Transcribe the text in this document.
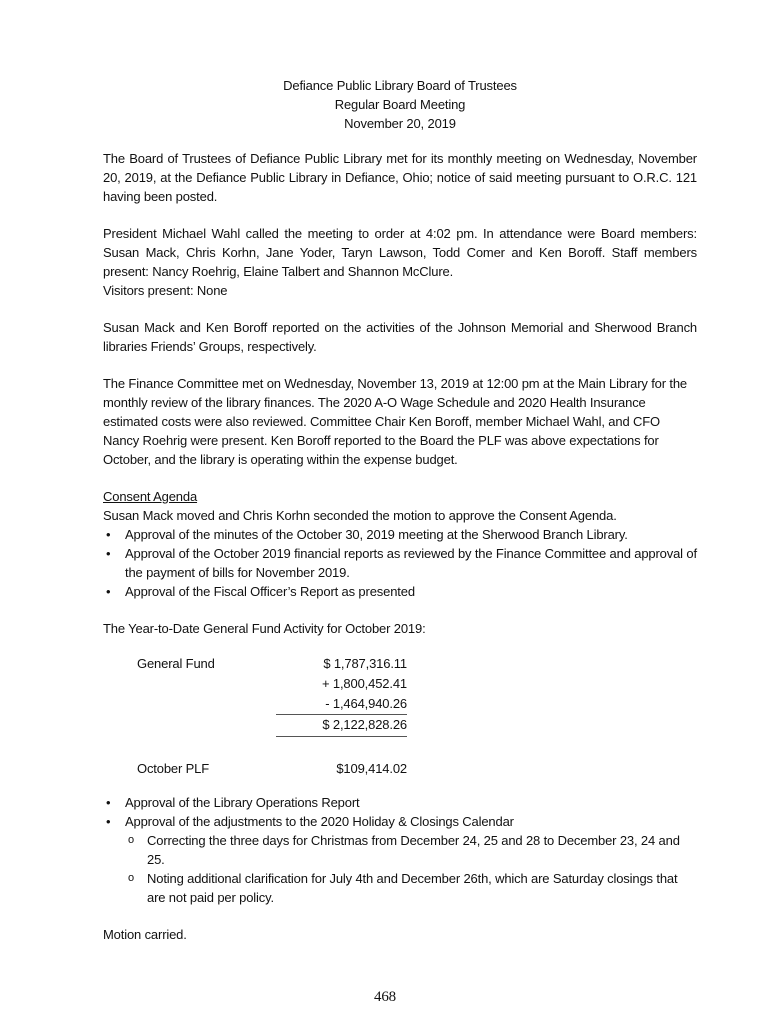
Defiance Public Library Board of Trustees
Regular Board Meeting
November 20, 2019

The Board of Trustees of Defiance Public Library met for its monthly meeting on Wednesday, November 20, 2019, at the Defiance Public Library in Defiance, Ohio; notice of said meeting pursuant to O.R.C. 121 having been posted.

President Michael Wahl called the meeting to order at 4:02 pm. In attendance were Board members: Susan Mack, Chris Korhn, Jane Yoder, Taryn Lawson, Todd Comer and Ken Boroff. Staff members present: Nancy Roehrig, Elaine Talbert and Shannon McClure.
Visitors present: None

Susan Mack and Ken Boroff reported on the activities of the Johnson Memorial and Sherwood Branch libraries Friends’ Groups, respectively.

The Finance Committee met on Wednesday, November 13, 2019 at 12:00 pm at the Main Library for the monthly review of the library finances. The 2020 A-O Wage Schedule and 2020 Health Insurance estimated costs were also reviewed. Committee Chair Ken Boroff, member Michael Wahl, and CFO Nancy Roehrig were present. Ken Boroff reported to the Board the PLF was above expectations for October, and the library is operating within the expense budget.

Consent Agenda
Susan Mack moved and Chris Korhn seconded the motion to approve the Consent Agenda.
• Approval of the minutes of the October 30, 2019 meeting at the Sherwood Branch Library.
• Approval of the October 2019 financial reports as reviewed by the Finance Committee and approval of the payment of bills for November 2019.
• Approval of the Fiscal Officer’s Report as presented
The Year-to-Date General Fund Activity for October 2019:
General Fund	$ 1,787,316.11
+ 1,800,452.41
- 1,464,940.26
$ 2,122,828.26
October PLF	$109,414.02
• Approval of the Library Operations Report
• Approval of the adjustments to the 2020 Holiday & Closings Calendar
o Correcting the three days for Christmas from December 24, 25 and 28 to December 23, 24 and 25.
o Noting additional clarification for July 4th and December 26th, which are Saturday closings that are not paid per policy.
Motion carried.
468
